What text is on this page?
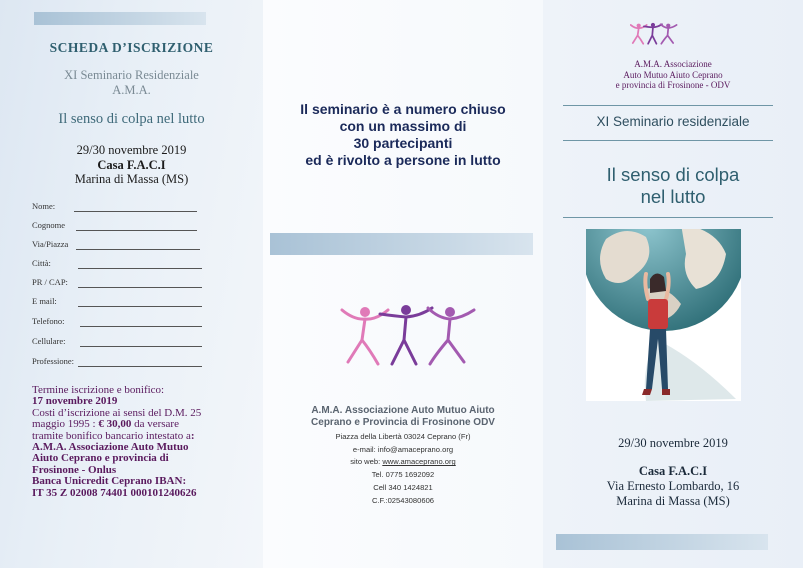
SCHEDA D’ISCRIZIONE
XI Seminario Residenziale
A.M.A.
Il senso di colpa nel lutto
29/30 novembre 2019
Casa F.A.C.I
Marina di Massa (MS)
Nome:
Cognome
Via/Piazza
Città:
PR / CAP:
E mail:
Telefono:
Cellulare:
Professione:
Termine iscrizione e bonifico:
17 novembre 2019
Costi d’iscrizione ai sensi del D.M. 25
maggio 1995 : € 30,00 da versare
tramite bonifico bancario intestato a:
A.M.A. Associazione Auto Mutuo
Aiuto Ceprano e provincia di
Frosinone - Onlus
Banca Unicredit Ceprano IBAN:
IT 35 Z 02008 74401 000101240626
Il seminario è a numero chiuso
con un massimo di
30 partecipanti
ed è rivolto a persone in lutto
A.M.A. Associazione Auto Mutuo Aiuto
Ceprano e Provincia di Frosinone ODV
Piazza della Libertà 03024 Ceprano (Fr)
e-mail: info@amaceprano.org
sito web: www.amaceprano.org
Tel. 0775 1692092
Cell 340 1424821
C.F.:02543080606
A.M.A. Associazione
Auto Mutuo Aiuto Ceprano
e provincia di Frosinone - ODV
XI Seminario residenziale
Il senso di colpa
nel lutto
29/30 novembre 2019
Casa F.A.C.I
Via Ernesto Lombardo, 16
Marina di Massa (MS)
